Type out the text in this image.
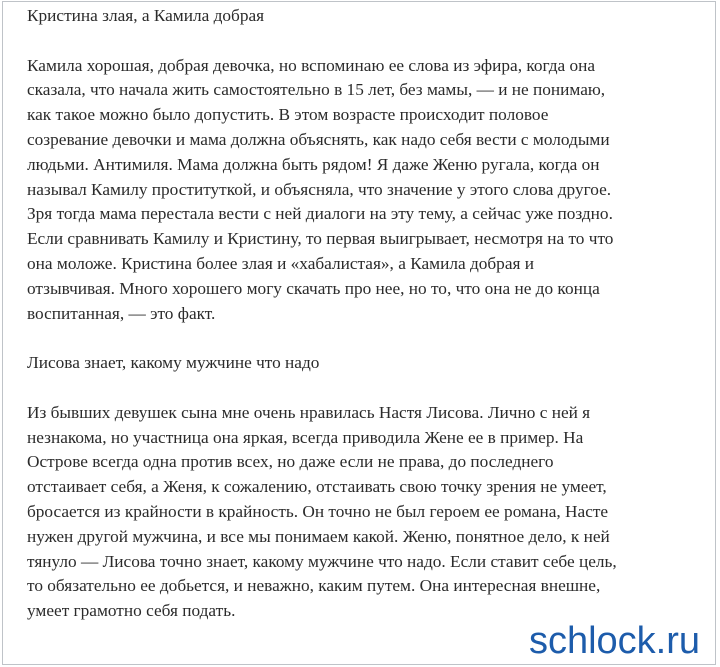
Кристина злая, а Камила добрая

Камила хорошая, добрая девочка, но вспоминаю ее слова из эфира, когда она
сказала, что начала жить самостоятельно в 15 лет, без мамы, — и не понимаю,
как такое можно было допустить. В этом возрасте происходит половое
созревание девочки и мама должна объяснять, как надо себя вести с молодыми
людьми. Антимиля. Мама должна быть рядом! Я даже Женю ругала, когда он
называл Камилу проституткой, и объясняла, что значение у этого слова другое.
Зря тогда мама перестала вести с ней диалоги на эту тему, а сейчас уже поздно.
Если сравнивать Камилу и Кристину, то первая выигрывает, несмотря на то что
она моложе. Кристина более злая и «хабалистая», а Камила добрая и
отзывчивая. Много хорошего могу скачать про нее, но то, что она не до конца
воспитанная, — это факт.

Лисова знает, какому мужчине что надо

Из бывших девушек сына мне очень нравилась Настя Лисова. Лично с ней я
незнакома, но участница она яркая, всегда приводила Жене ее в пример. На
Острове всегда одна против всех, но даже если не права, до последнего
отстаивает себя, а Женя, к сожалению, отстаивать свою точку зрения не умеет,
бросается из крайности в крайность. Он точно не был героем ее романа, Насте
нужен другой мужчина, и все мы понимаем какой. Женю, понятное дело, к ней
тянуло — Лисова точно знает, какому мужчине что надо. Если ставит себе цель,
то обязательно ее добьется, и неважно, каким путем. Она интересная внешне,
умеет грамотно себя подать.

schlock.ru
